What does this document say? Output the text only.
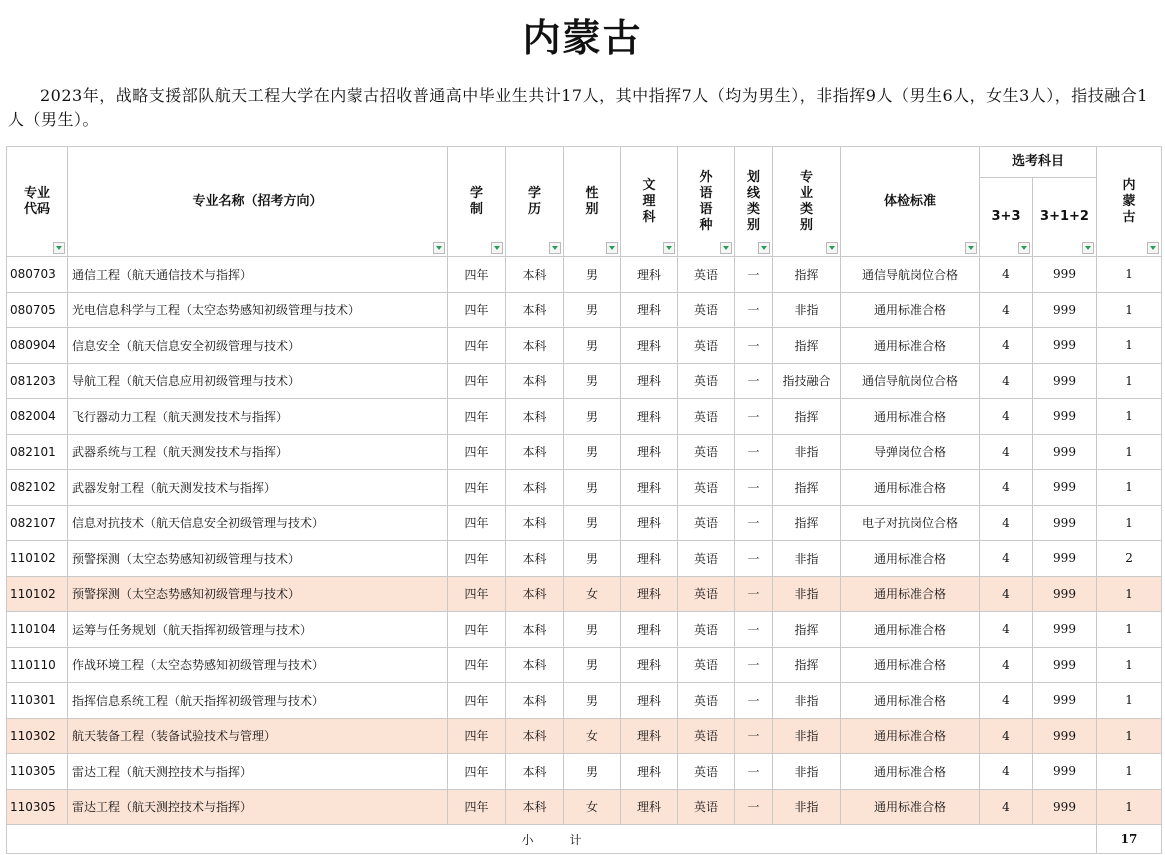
内蒙古
2023年，战略支援部队航天工程大学在内蒙古招收普通高中毕业生共计17人，其中指挥7人（均为男生），非指挥9人（男生6人，女生3人），指技融合1人（男生）。
专业代码	专业名称（招考方向）	学制	学历	性别	文理科	外语语种	划线类别	专业类别	体检标准	选考科目		内蒙古

										3+3	3+1+2	

080703	通信工程（航天通信技术与指挥）	四年	本科	男	理科	英语	一	指挥	通信导航岗位合格	4	999	1
080705	光电信息科学与工程（太空态势感知初级管理与技术）	四年	本科	男	理科	英语	一	非指	通用标准合格	4	999	1
080904	信息安全（航天信息安全初级管理与技术）	四年	本科	男	理科	英语	一	指挥	通用标准合格	4	999	1
081203	导航工程（航天信息应用初级管理与技术）	四年	本科	男	理科	英语	一	指技融合	通信导航岗位合格	4	999	1
082004	飞行器动力工程（航天测发技术与指挥）	四年	本科	男	理科	英语	一	指挥	通用标准合格	4	999	1
082101	武器系统与工程（航天测发技术与指挥）	四年	本科	男	理科	英语	一	非指	导弹岗位合格	4	999	1
082102	武器发射工程（航天测发技术与指挥）	四年	本科	男	理科	英语	一	指挥	通用标准合格	4	999	1
082107	信息对抗技术（航天信息安全初级管理与技术）	四年	本科	男	理科	英语	一	指挥	电子对抗岗位合格	4	999	1
110102	预警探测（太空态势感知初级管理与技术）	四年	本科	男	理科	英语	一	非指	通用标准合格	4	999	2
110102	预警探测（太空态势感知初级管理与技术）	四年	本科	女	理科	英语	一	非指	通用标准合格	4	999	1
110104	运筹与任务规划（航天指挥初级管理与技术）	四年	本科	男	理科	英语	一	指挥	通用标准合格	4	999	1
110110	作战环境工程（太空态势感知初级管理与技术）	四年	本科	男	理科	英语	一	指挥	通用标准合格	4	999	1
110301	指挥信息系统工程（航天指挥初级管理与技术）	四年	本科	男	理科	英语	一	非指	通用标准合格	4	999	1
110302	航天装备工程（装备试验技术与管理）	四年	本科	女	理科	英语	一	非指	通用标准合格	4	999	1
110305	雷达工程（航天测控技术与指挥）	四年	本科	男	理科	英语	一	非指	通用标准合格	4	999	1
110305	雷达工程（航天测控技术与指挥）	四年	本科	女	理科	英语	一	非指	通用标准合格	4	999	1
小　　　计												17
